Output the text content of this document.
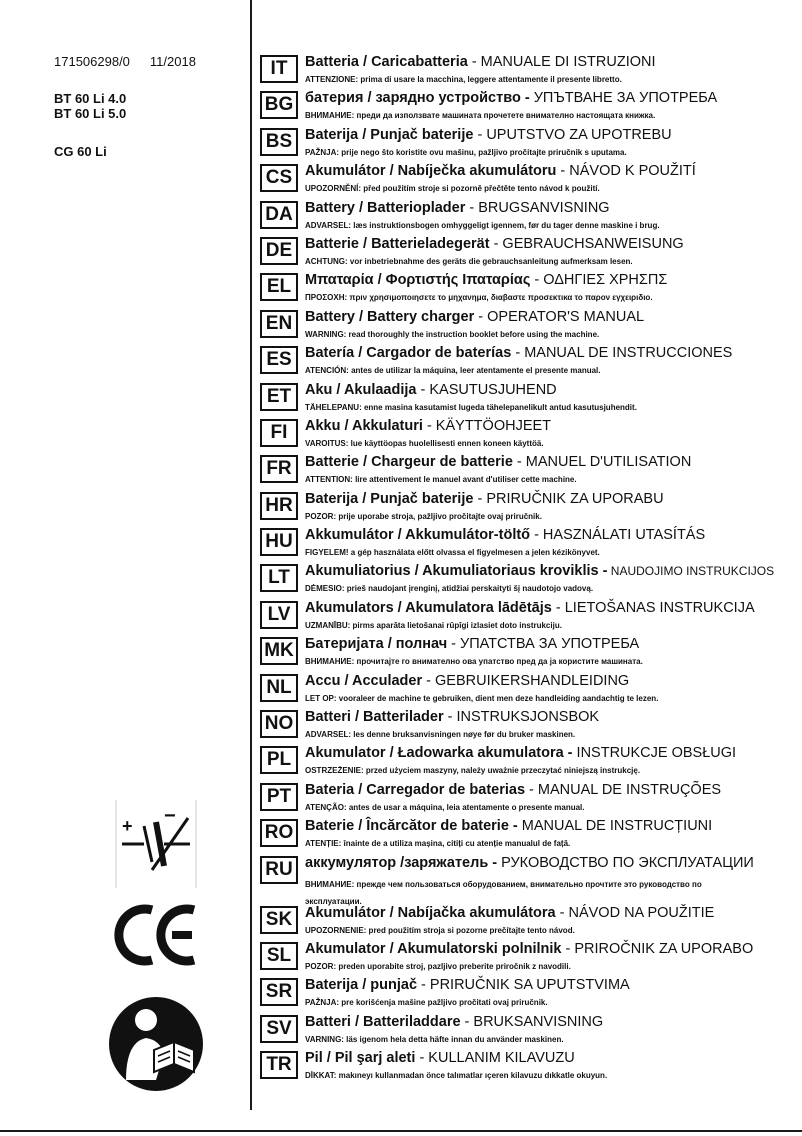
171506298/0 11/2018
BT 60 Li 4.0
BT 60 Li 5.0
CG 60 Li
+ −
IT	Batteria / Caricabatteria - MANUALE DI ISTRUZIONI
ATTENZIONE: prima di usare la macchina, leggere attentamente il presente libretto.
BG батерия / зарядно устройство - УПЪТВАНЕ ЗА УПОТРЕБА
ВНИМАНИЕ: преди да използвате машината прочетете внимателно настоящата книжка.
BS Baterija / Punjač baterije - UPUTSTVO ZA UPOTREBU
PAŽNJA: prije nego što koristite ovu mašinu, pažljivo pročitajte priručnik s uputama.
CS Akumulátor / Nabíječka akumulátoru - NÁVOD K POUŽITÍ
UPOZORNĚNÍ: před použitím stroje si pozorně přečtěte tento návod k použití.
DA Battery / Batterioplader - BRUGSANVISNING
ADVARSEL: læs instruktionsbogen omhyggeligt igennem, før du tager denne maskine i brug.
DE Batterie / Batterieladegerät - GEBRAUCHSANWEISUNG
ACHTUNG: vor inbetriebnahme des geräts die gebrauchsanleitung aufmerksam lesen.
EL Μπαταρία / Φορτιστής Ιπαταρίας - ΟΔΗΓΙΕΣ ΧΡΗΣΠΣ
ΠΡΟΣΟΧΗ: πριν χρησιμοποιησετε το μηχανημα, διαβαστε προσεκτικα το παρον εγχειριδιο.
EN Battery / Battery charger - OPERATOR'S MANUAL
WARNING: read thoroughly the instruction booklet before using the machine.
ES Batería / Cargador de baterías - MANUAL DE INSTRUCCIONES
ATENCIÓN: antes de utilizar la máquina, leer atentamente el presente manual.
ET Aku / Akulaadija - KASUTUSJUHEND
TÄHELEPANU: enne masina kasutamist lugeda tähelepanelikult antud kasutusjuhendit.
FI	Akku / Akkulaturi - KÄYTTÖOHJEET
VAROITUS: lue käyttöopas huolellisesti ennen koneen käyttöä.
FR Batterie / Chargeur de batterie - MANUEL D'UTILISATION
ATTENTION: lire attentivement le manuel avant d'utiliser cette machine.
HR Baterija / Punjač baterije - PRIRUČNIK ZA UPORABU
POZOR: prije uporabe stroja, pažljivo pročitajte ovaj priručnik.
HU Akkumulátor / Akkumulátor-töltő - HASZNÁLATI UTASÍTÁS
FIGYELEM! a gép használata előtt olvassa el figyelmesen a jelen kézikönyvet.
LT	Akumuliatorius / Akumuliatoriaus kroviklis - NAUDOJIMO INSTRUKCIJOS
DĖMESIO: prieš naudojant įrenginį, atidžiai perskaityti šį naudotojo vadovą.
LV	Akumulators / Akumulatora lādētājs - LIETOŠANAS INSTRUKCIJA
UZMANĪBU: pirms aparāta lietošanai rūpīgi izlasiet doto instrukciju.
MK Батеријата / полнач - УПАТСТВА ЗА УПОТРЕБА
ВНИМАНИЕ: прочитајте го внимателно ова упатство пред да ја користите машината.
NL Accu / Acculader - GEBRUIKERSHANDLEIDING
LET OP: vooraleer de machine te gebruiken, dient men deze handleiding aandachtig te lezen.
NO Batteri / Batterilader - INSTRUKSJONSBOK
ADVARSEL: les denne bruksanvisningen nøye før du bruker maskinen.
PL Akumulator / Ładowarka akumulatora - INSTRUKCJE OBSŁUGI
OSTRZEŻENIE: przed użyciem maszyny, należy uważnie przeczytać niniejszą instrukcję.
PT Bateria / Carregador de baterias - MANUAL DE INSTRUÇÕES
ATENÇÃO: antes de usar a máquina, leia atentamente o presente manual.
RO Baterie / Încărcător de baterie - MANUAL DE INSTRUCȚIUNI
ATENȚIE: înainte de a utiliza mașina, citiți cu atenție manualul de față.
RU аккумулятор /заряжатель - РУКОВОДСТВО ПО ЭКСПЛУАТАЦИИ
ВНИМАНИЕ: прежде чем пользоваться оборудованием, внимательно прочтите это руководство по эксплуатации.
SK Akumulátor / Nabíjačka akumulátora - NÁVOD NA POUŽITIE
UPOZORNENIE: pred použitím stroja si pozorne prečítajte tento návod.
SL Akumulator / Akumulatorski polnilnik - PRIROČNIK ZA UPORABO
POZOR: preden uporabite stroj, pazljivo preberite priročnik z navodili.
SR Baterija / punjač - PRIRUČNIK SA UPUTSTVIMA
PAŽNJA: pre korišćenja mašine pažljivo pročitati ovaj priručnik.
SV Batteri / Batteriladdare - BRUKSANVISNING
VARNING: läs igenom hela detta häfte innan du använder maskinen.
TR Pil / Pil şarj aleti - KULLANIM KILAVUZU
DİKKAT: makıneyı kullanmadan önce talımatlar ıçeren kilavuzu dıkkatle okuyun.
